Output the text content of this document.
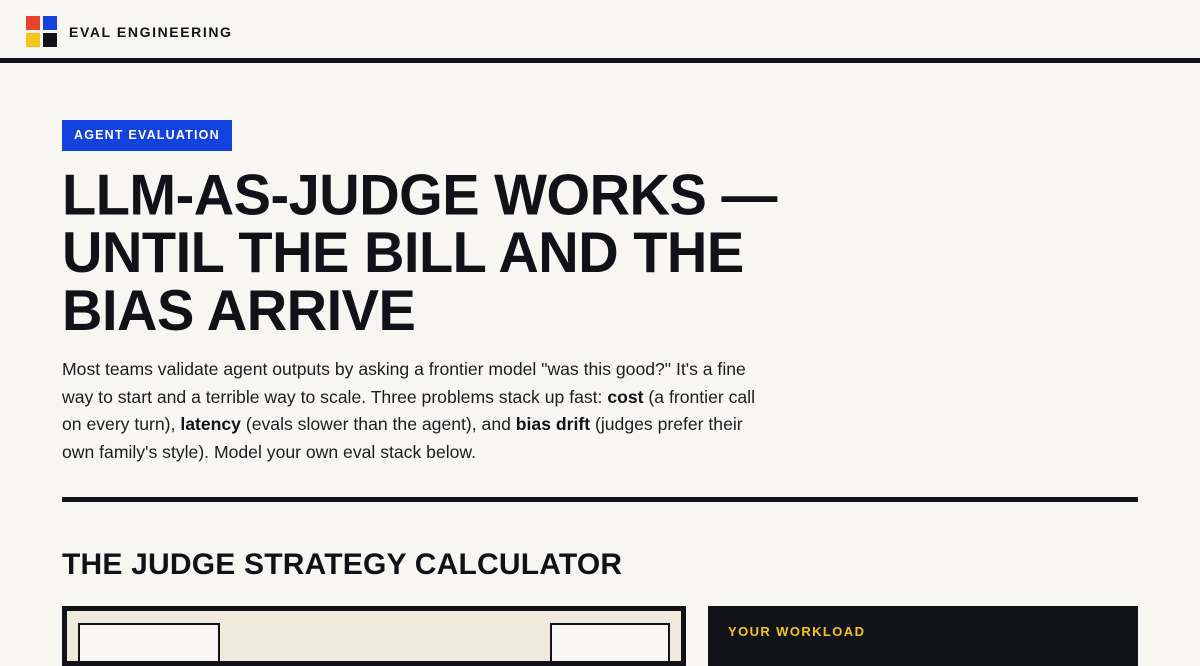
EVAL ENGINEERING
AGENT EVALUATION
LLM-AS-JUDGE WORKS — UNTIL THE BILL AND THE BIAS ARRIVE

Most teams validate agent outputs by asking a frontier model "was this good?" It's a fine way to start and a terrible way to scale. Three problems stack up fast: cost (a frontier call on every turn), latency (evals slower than the agent), and bias drift (judges prefer their own family's style). Model your own eval stack below.

THE JUDGE STRATEGY CALCULATOR
YOUR WORKLOAD
